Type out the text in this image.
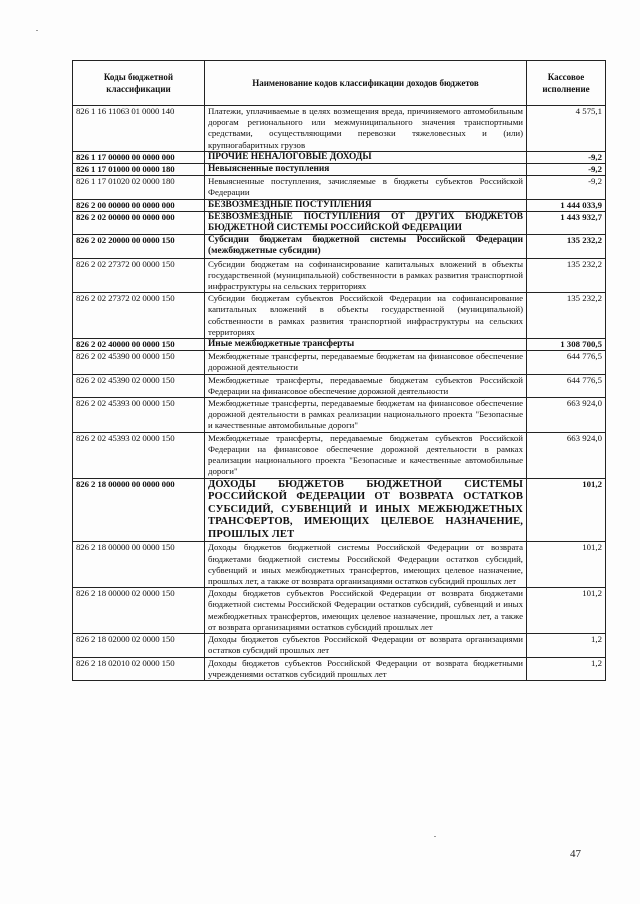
Коды бюджетной классификации	Наименование кодов классификации доходов бюджетов	Кассовое исполнение
826 1 16 11063 01 0000 140	Платежи, уплачиваемые в целях возмещения вреда, причиняемого автомобильным дорогам регионального или межмуниципального значения транспортными средствами, осуществляющими перевозки тяжеловесных и (или) крупногабаритных грузов	4 575,1
826 1 17 00000 00 0000 000	ПРОЧИЕ НЕНАЛОГОВЫЕ ДОХОДЫ	-9,2
826 1 17 01000 00 0000 180	Невыясненные поступления	-9,2
826 1 17 01020 02 0000 180	Невыясненные поступления, зачисляемые в бюджеты субъектов Российской Федерации	-9,2
826 2 00 00000 00 0000 000	БЕЗВОЗМЕЗДНЫЕ ПОСТУПЛЕНИЯ	1 444 033,9
826 2 02 00000 00 0000 000	БЕЗВОЗМЕЗДНЫЕ ПОСТУПЛЕНИЯ ОТ ДРУГИХ БЮДЖЕТОВ БЮДЖЕТНОЙ СИСТЕМЫ РОССИЙСКОЙ ФЕДЕРАЦИИ	1 443 932,7
826 2 02 20000 00 0000 150	Субсидии бюджетам бюджетной системы Российской Федерации (межбюджетные субсидии)	135 232,2
826 2 02 27372 00 0000 150	Субсидии бюджетам на софинансирование капитальных вложений в объекты государственной (муниципальной) собственности в рамках развития транспортной инфраструктуры на сельских территориях	135 232,2
826 2 02 27372 02 0000 150	Субсидии бюджетам субъектов Российской Федерации на софинансирование капитальных вложений в объекты государственной (муниципальной) собственности в рамках развития транспортной инфраструктуры на сельских территориях	135 232,2
826 2 02 40000 00 0000 150	Иные межбюджетные трансферты	1 308 700,5
826 2 02 45390 00 0000 150	Межбюджетные трансферты, передаваемые бюджетам на финансовое обеспечение дорожной деятельности	644 776,5
826 2 02 45390 02 0000 150	Межбюджетные трансферты, передаваемые бюджетам субъектов Российской Федерации на финансовое обеспечение дорожной деятельности	644 776,5
826 2 02 45393 00 0000 150	Межбюджетные трансферты, передаваемые бюджетам на финансовое обеспечение дорожной деятельности в рамках реализации национального проекта "Безопасные и качественные автомобильные дороги"	663 924,0
826 2 02 45393 02 0000 150	Межбюджетные трансферты, передаваемые бюджетам субъектов Российской Федерации на финансовое обеспечение дорожной деятельности в рамках реализации национального проекта "Безопасные и качественные автомобильные дороги"	663 924,0
826 2 18 00000 00 0000 000	ДОХОДЫ БЮДЖЕТОВ БЮДЖЕТНОЙ СИСТЕМЫ РОССИЙСКОЙ ФЕДЕРАЦИИ ОТ ВОЗВРАТА ОСТАТКОВ СУБСИДИЙ, СУБВЕНЦИЙ И ИНЫХ МЕЖБЮДЖЕТНЫХ ТРАНСФЕРТОВ, ИМЕЮЩИХ ЦЕЛЕВОЕ НАЗНАЧЕНИЕ, ПРОШЛЫХ ЛЕТ	101,2
826 2 18 00000 00 0000 150	Доходы бюджетов бюджетной системы Российской Федерации от возврата бюджетами бюджетной системы Российской Федерации остатков субсидий, субвенций и иных межбюджетных трансфертов, имеющих целевое назначение, прошлых лет, а также от возврата организациями остатков субсидий прошлых лет	101,2
826 2 18 00000 02 0000 150	Доходы бюджетов субъектов Российской Федерации от возврата бюджетами бюджетной системы Российской Федерации остатков субсидий, субвенций и иных межбюджетных трансфертов, имеющих целевое назначение, прошлых лет, а также от возврата организациями остатков субсидий прошлых лет	101,2
826 2 18 02000 02 0000 150	Доходы бюджетов субъектов Российской Федерации от возврата организациями остатков субсидий прошлых лет	1,2
826 2 18 02010 02 0000 150	Доходы бюджетов субъектов Российской Федерации от возврата бюджетными учреждениями остатков субсидий прошлых лет	1,2
47
